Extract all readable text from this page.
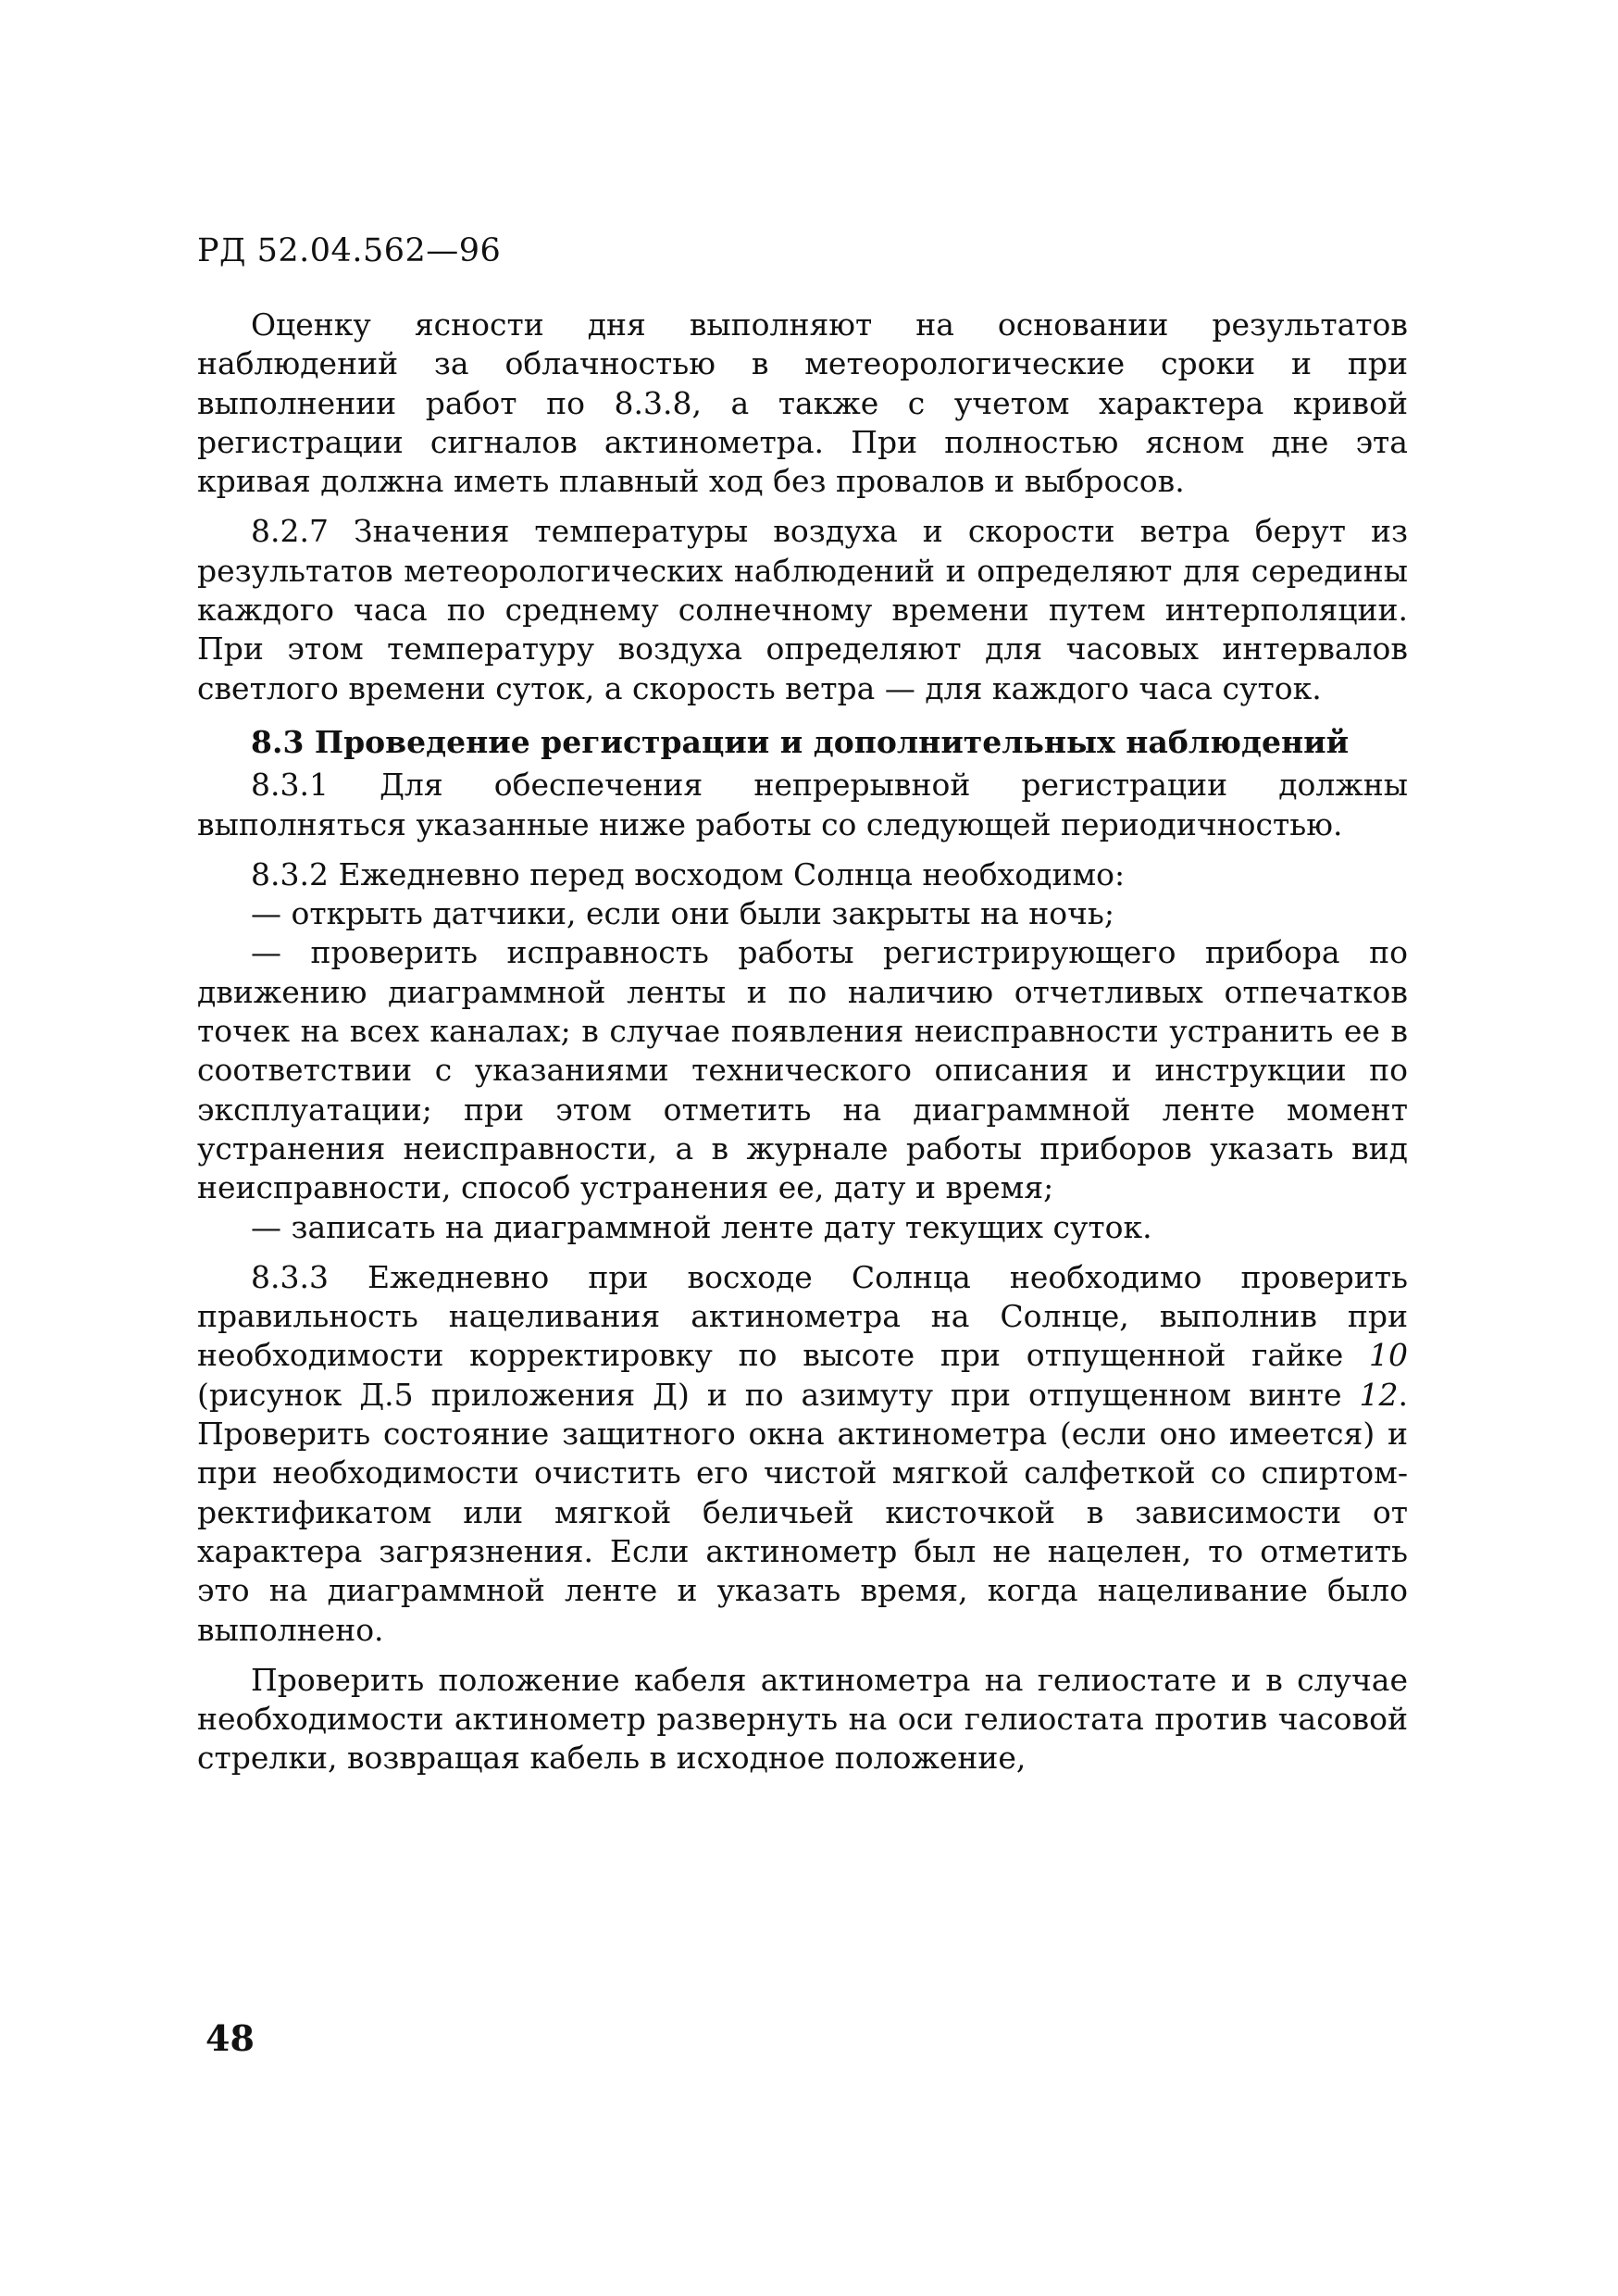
РД 52.04.562—96

Оценку ясности дня выполняют на основании результатов наблюдений за облачностью в метеорологические сроки и при выполнении работ по 8.3.8, а также с учетом характера кривой регистрации сигналов актинометра. При полностью ясном дне эта кривая должна иметь плавный ход без провалов и выбросов.

8.2.7 Значения температуры воздуха и скорости ветра берут из результатов метеорологических наблюдений и определяют для середины каждого часа по среднему солнечному времени путем интерполяции. При этом температуру воздуха определяют для часовых интервалов светлого времени суток, а скорость ветра — для каждого часа суток.

8.3 Проведение регистрации и дополнительных наблюдений

8.3.1 Для обеспечения непрерывной регистрации должны выполняться указанные ниже работы со следующей периодичностью.

8.3.2 Ежедневно перед восходом Солнца необходимо:

— открыть датчики, если они были закрыты на ночь;

— проверить исправность работы регистрирующего прибора по движению диаграммной ленты и по наличию отчетливых отпечатков точек на всех каналах; в случае появления неисправности устранить ее в соответствии с указаниями технического описания и инструкции по эксплуатации; при этом отметить на диаграммной ленте момент устранения неисправности, а в журнале работы приборов указать вид неисправности, способ устранения ее, дату и время;

— записать на диаграммной ленте дату текущих суток.

8.3.3 Ежедневно при восходе Солнца необходимо проверить правильность нацеливания актинометра на Солнце, выполнив при необходимости корректировку по высоте при отпущенной гайке 10 (рисунок Д.5 приложения Д) и по азимуту при отпущенном винте 12. Проверить состояние защитного окна актинометра (если оно имеется) и при необходимости очистить его чистой мягкой салфеткой со спиртом-ректификатом или мягкой беличьей кисточкой в зависимости от характера загрязнения. Если актинометр был не нацелен, то отметить это на диаграммной ленте и указать время, когда нацеливание было выполнено.

Проверить положение кабеля актинометра на гелиостате и в случае необходимости актинометр развернуть на оси гелиостата против часовой стрелки, возвращая кабель в исходное положение,

48
